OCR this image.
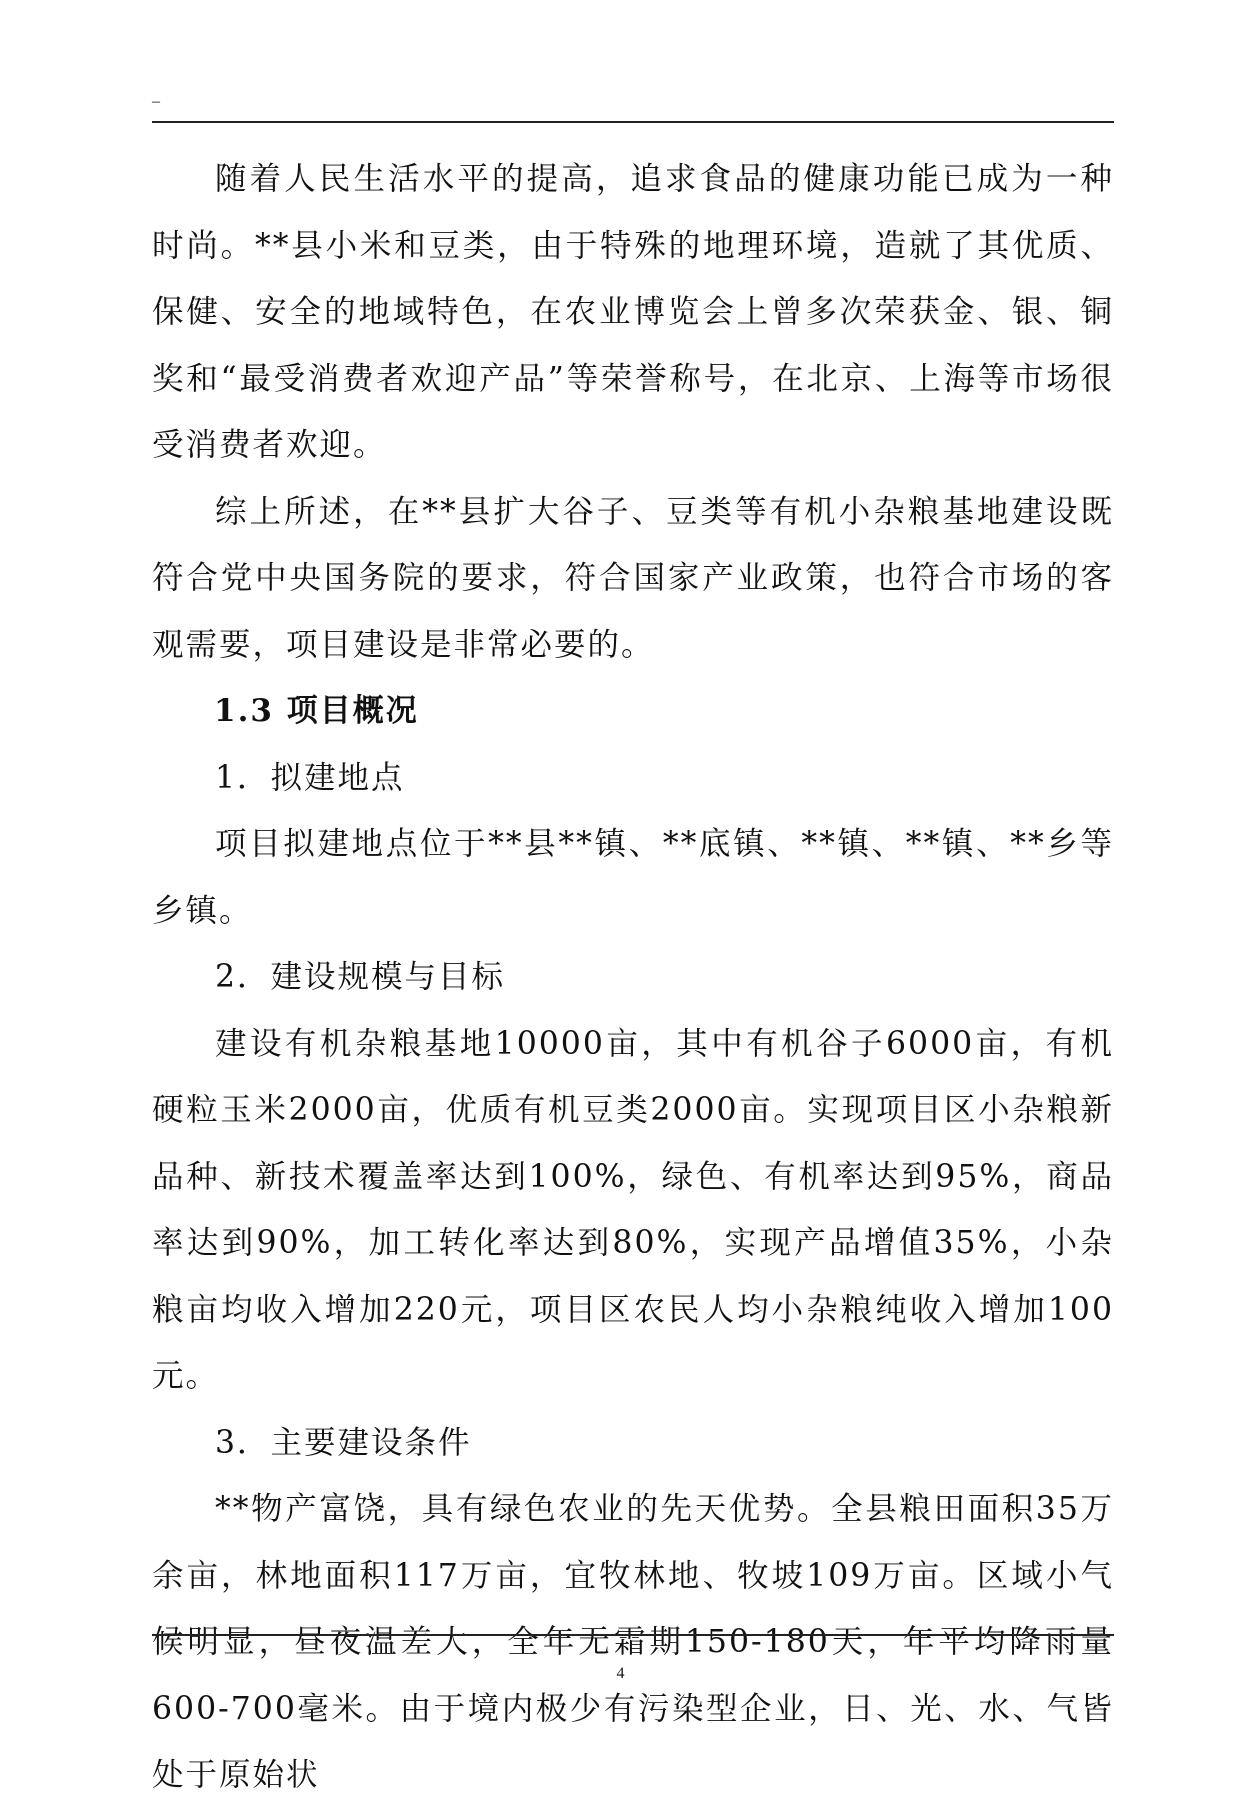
–

随着人民生活水平的提高，追求食品的健康功能已成为一种时尚。**县小米和豆类，由于特殊的地理环境，造就了其优质、保健、安全的地域特色，在农业博览会上曾多次荣获金、银、铜奖和“最受消费者欢迎产品”等荣誉称号，在北京、上海等市场很受消费者欢迎。

综上所述，在**县扩大谷子、豆类等有机小杂粮基地建设既符合党中央国务院的要求，符合国家产业政策，也符合市场的客观需要，项目建设是非常必要的。

1.3 项目概况

1．拟建地点

项目拟建地点位于**县**镇、**底镇、**镇、**镇、**乡等乡镇。

2．建设规模与目标

建设有机杂粮基地10000亩，其中有机谷子6000亩，有机硬粒玉米2000亩，优质有机豆类2000亩。实现项目区小杂粮新品种、新技术覆盖率达到100%，绿色、有机率达到95%，商品率达到90%，加工转化率达到80%，实现产品增值35%，小杂粮亩均收入增加220元，项目区农民人均小杂粮纯收入增加100元。

3．主要建设条件

**物产富饶，具有绿色农业的先天优势。全县粮田面积35万余亩，林地面积117万亩，宜牧林地、牧坡109万亩。区域小气候明显，昼夜温差大，全年无霜期150-180天，年平均降雨量600-700毫米。由于境内极少有污染型企业，日、光、水、气皆处于原始状

4
